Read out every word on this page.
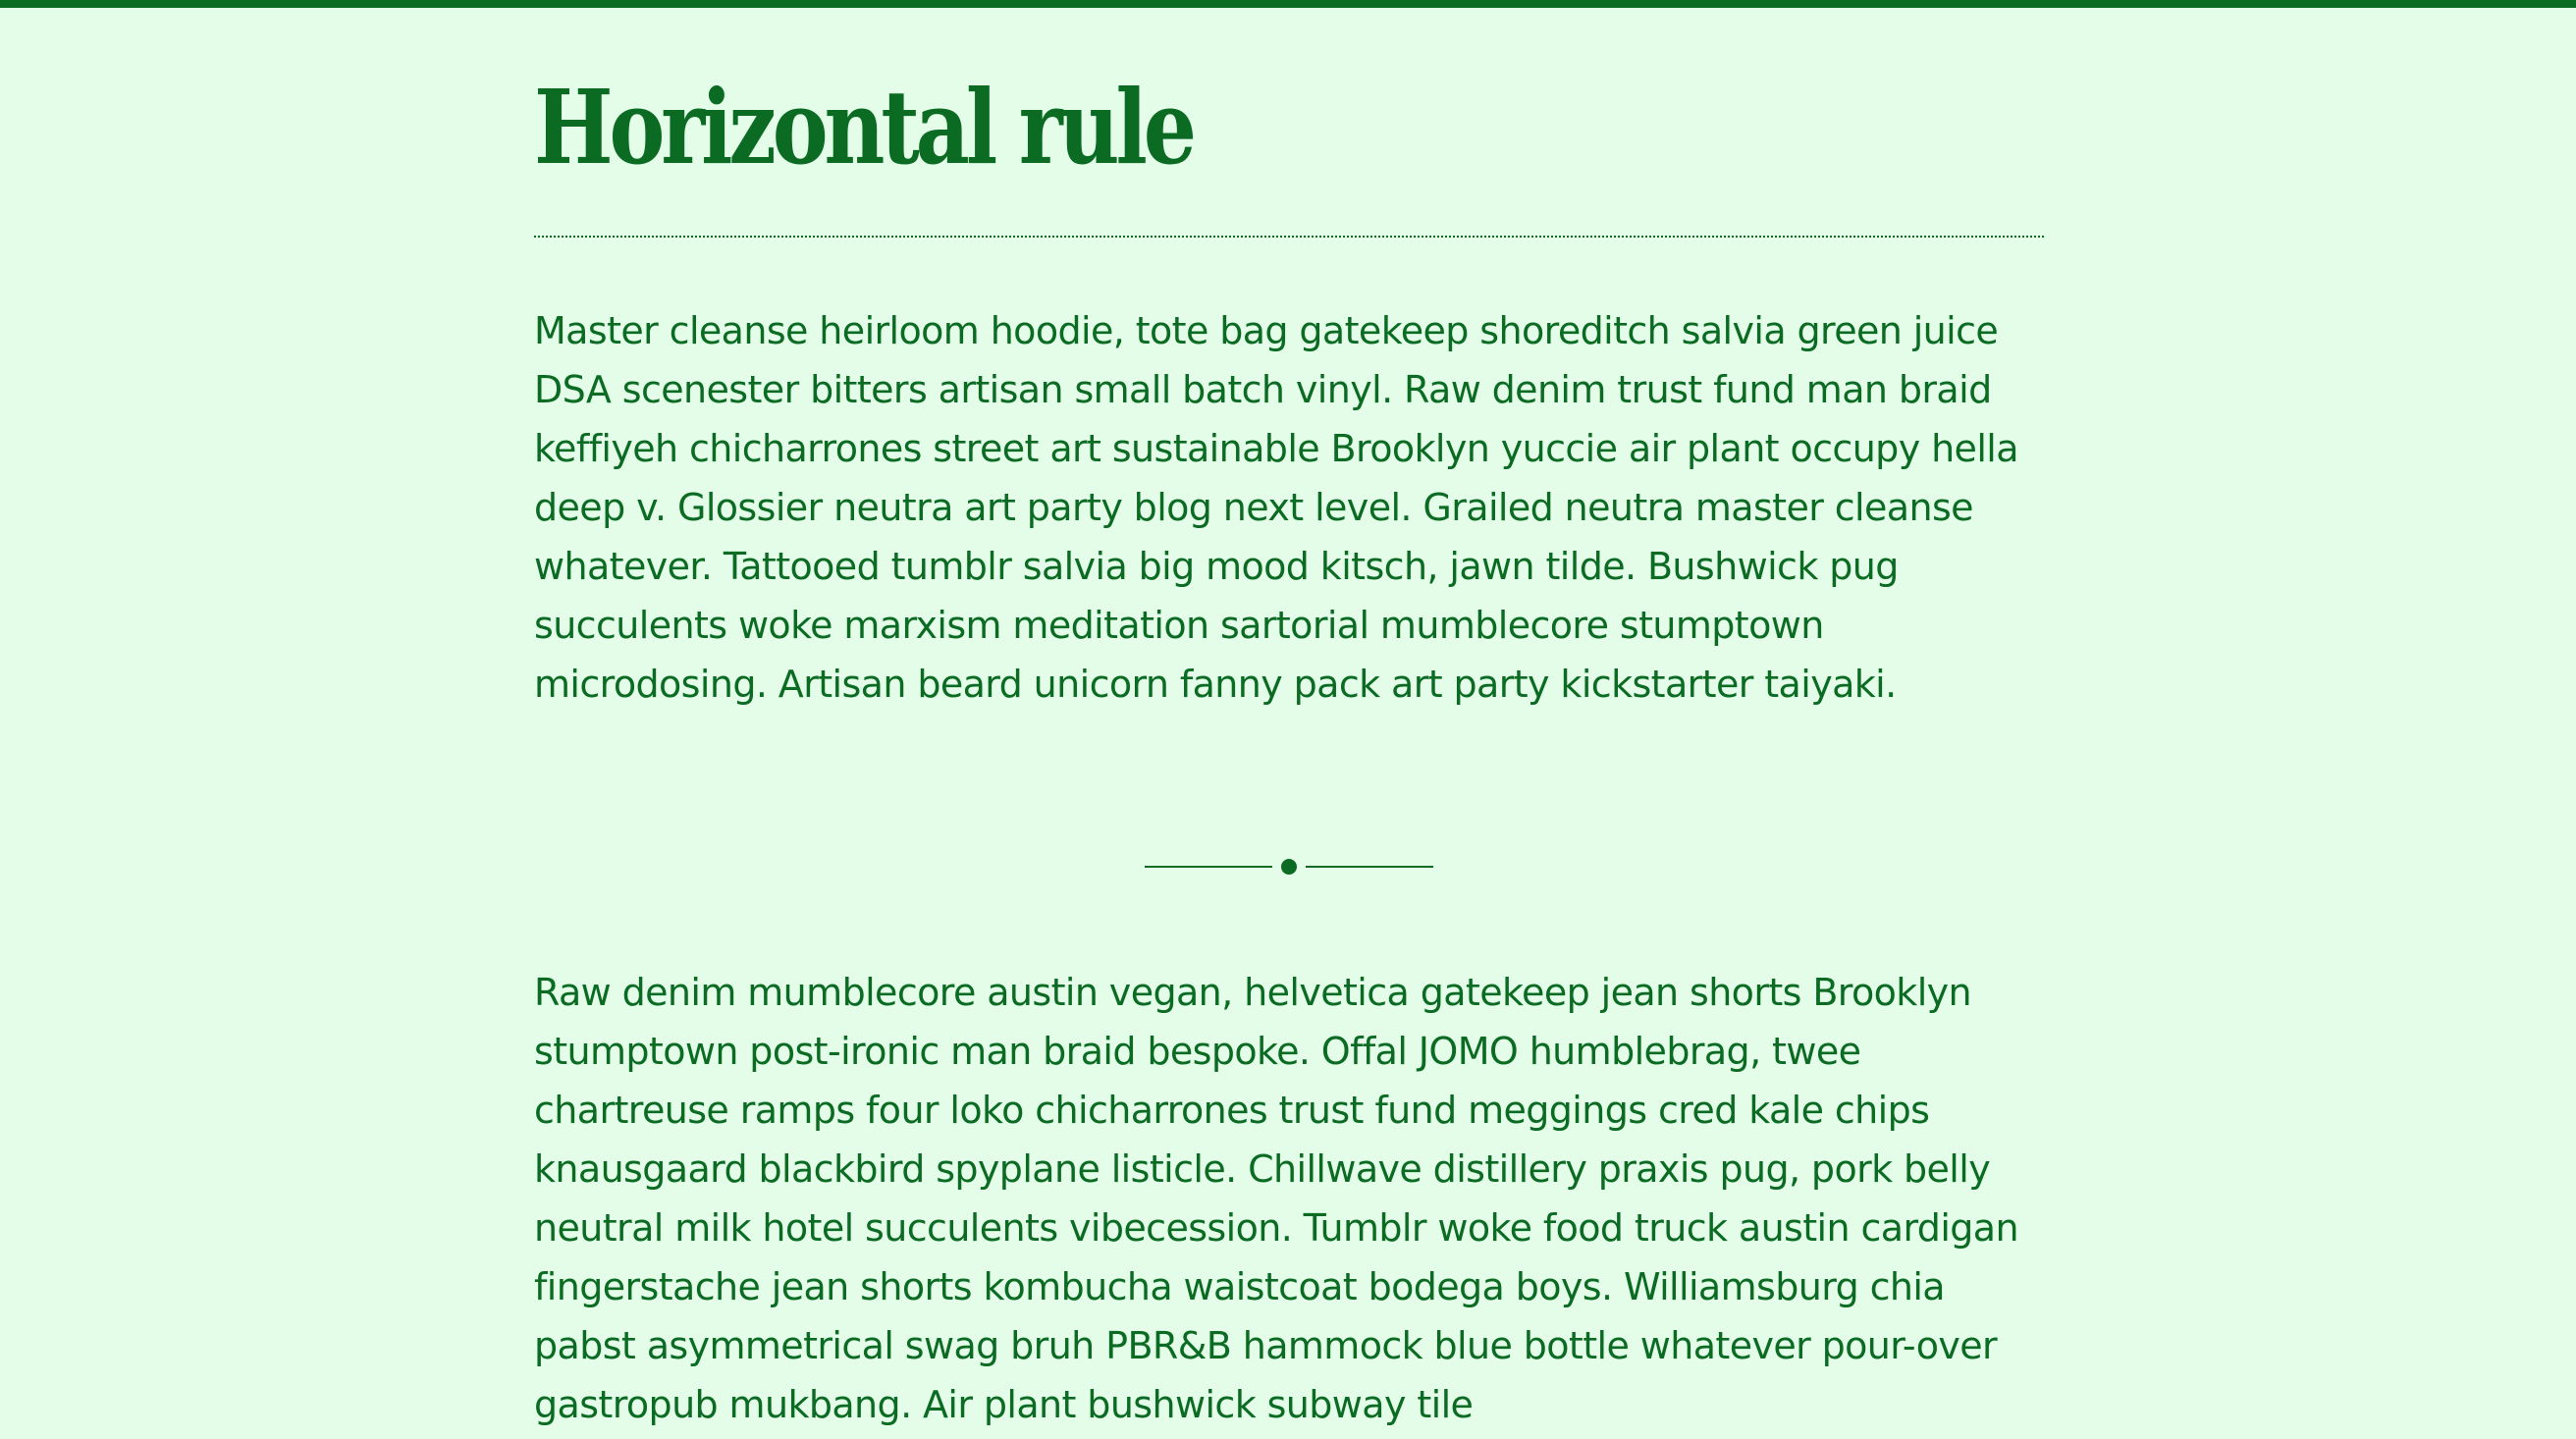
Horizontal rule

Master cleanse heirloom hoodie, tote bag gatekeep shoreditch salvia green juice DSA scenester bitters artisan small batch vinyl. Raw denim trust fund man braid keffiyeh chicharrones street art sustainable Brooklyn yuccie air plant occupy hella deep v. Glossier neutra art party blog next level. Grailed neutra master cleanse whatever. Tattooed tumblr salvia big mood kitsch, jawn tilde. Bushwick pug succulents woke marxism meditation sartorial mumblecore stumptown microdosing. Artisan beard unicorn fanny pack art party kickstarter taiyaki.

Raw denim mumblecore austin vegan, helvetica gatekeep jean shorts Brooklyn stumptown post-ironic man braid bespoke. Offal JOMO humblebrag, twee chartreuse ramps four loko chicharrones trust fund meggings cred kale chips knausgaard blackbird spyplane listicle. Chillwave distillery praxis pug, pork belly neutral milk hotel succulents vibecession. Tumblr woke food truck austin cardigan fingerstache jean shorts kombucha waistcoat bodega boys. Williamsburg chia pabst asymmetrical swag bruh PBR&B hammock blue bottle whatever pour-over gastropub mukbang. Air plant bushwick subway tile
